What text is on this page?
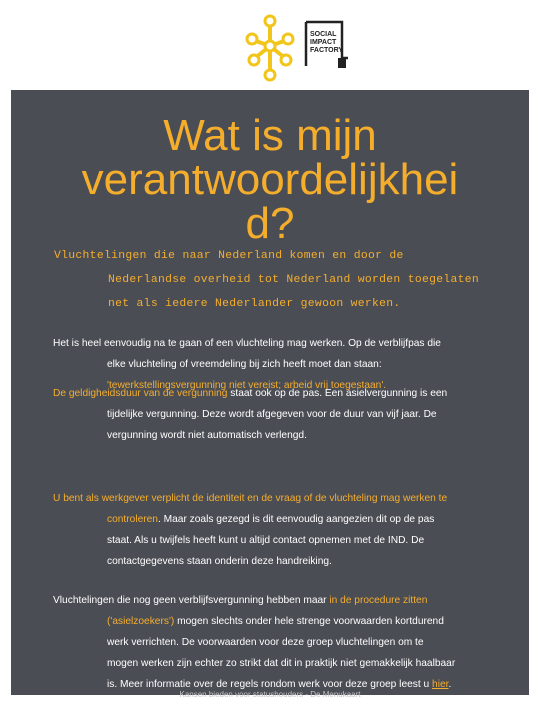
SOCIAL
IMPACT
FACTORY
Wat is mijn
verantwoordelijkhei
d?
Vluchtelingen die naar Nederland komen en door de
Nederlandse overheid tot Nederland worden toegelaten
net als iedere Nederlander gewoon werken.
Het is heel eenvoudig na te gaan of een vluchteling mag werken. Op de verblijfpas die
elke vluchteling of vreemdeling bij zich heeft moet dan staan:
'tewerkstellingsvergunning niet vereist; arbeid vrij toegestaan'.
De geldigheidsduur van de vergunning staat ook op de pas. Een asielvergunning is een
tijdelijke vergunning. Deze wordt afgegeven voor de duur van vijf jaar. De
vergunning wordt niet automatisch verlengd.
U bent als werkgever verplicht de identiteit en de vraag of de vluchteling mag werken te
controleren. Maar zoals gezegd is dit eenvoudig aangezien dit op de pas
staat. Als u twijfels heeft kunt u altijd contact opnemen met de IND. De
contactgegevens staan onderin deze handreiking.
Vluchtelingen die nog geen verblijfsvergunning hebben maar in de procedure zitten
('asielzoekers') mogen slechts onder hele strenge voorwaarden kortdurend
werk verrichten. De voorwaarden voor deze groep vluchtelingen om te
mogen werken zijn echter zo strikt dat dit in praktijk niet gemakkelijk haalbaar
is. Meer informatie over de regels rondom werk voor deze groep leest u hier.
Kansen bieden voor statushouders - De Menukaart
